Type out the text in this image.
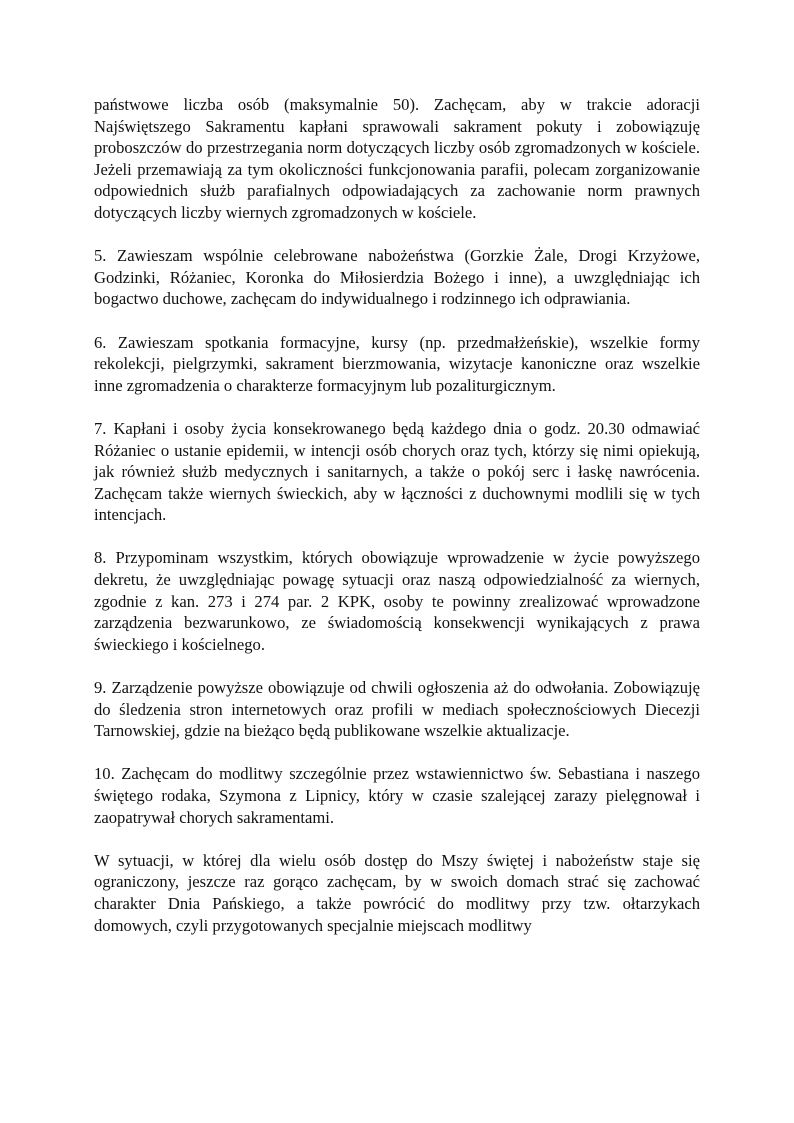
państwowe liczba osób (maksymalnie 50). Zachęcam, aby w trakcie adoracji Najświętszego Sakramentu kapłani sprawowali sakrament pokuty i zobowiązuję proboszczów do przestrzegania norm dotyczących liczby osób zgromadzonych w kościele. Jeżeli przemawiają za tym okoliczności funkcjonowania parafii, polecam zorganizowanie odpowiednich służb parafialnych odpowiadających za zachowanie norm prawnych dotyczących liczby wiernych zgromadzonych w kościele.

5. Zawieszam wspólnie celebrowane nabożeństwa (Gorzkie Żale, Drogi Krzyżowe, Godzinki, Różaniec, Koronka do Miłosierdzia Bożego i inne), a uwzględniając ich bogactwo duchowe, zachęcam do indywidualnego i rodzinnego ich odprawiania.

6. Zawieszam spotkania formacyjne, kursy (np. przedmałżeńskie), wszelkie formy rekolekcji, pielgrzymki, sakrament bierzmowania, wizytacje kanoniczne oraz wszelkie inne zgromadzenia o charakterze formacyjnym lub pozaliturgicznym.

7. Kapłani i osoby życia konsekrowanego będą każdego dnia o godz. 20.30 odmawiać Różaniec o ustanie epidemii, w intencji osób chorych oraz tych, którzy się nimi opiekują, jak również służb medycznych i sanitarnych, a także o pokój serc i łaskę nawrócenia. Zachęcam także wiernych świeckich, aby w łączności z duchownymi modlili się w tych intencjach.

8. Przypominam wszystkim, których obowiązuje wprowadzenie w życie powyższego dekretu, że uwzględniając powagę sytuacji oraz naszą odpowiedzialność za wiernych, zgodnie z kan. 273 i 274 par. 2 KPK, osoby te powinny zrealizować wprowadzone zarządzenia bezwarunkowo, ze świadomością konsekwencji wynikających z prawa świeckiego i kościelnego.

9. Zarządzenie powyższe obowiązuje od chwili ogłoszenia aż do odwołania. Zobowiązuję do śledzenia stron internetowych oraz profili w mediach społecznościowych Diecezji Tarnowskiej, gdzie na bieżąco będą publikowane wszelkie aktualizacje.

10. Zachęcam do modlitwy szczególnie przez wstawiennictwo św. Sebastiana i naszego świętego rodaka, Szymona z Lipnicy, który w czasie szalejącej zarazy pielęgnował i zaopatrywał chorych sakramentami.

W sytuacji, w której dla wielu osób dostęp do Mszy świętej i nabożeństw staje się ograniczony, jeszcze raz gorąco zachęcam, by w swoich domach strać się zachować charakter Dnia Pańskiego, a także powrócić do modlitwy przy tzw. ołtarzykach domowych, czyli przygotowanych specjalnie miejscach modlitwy
